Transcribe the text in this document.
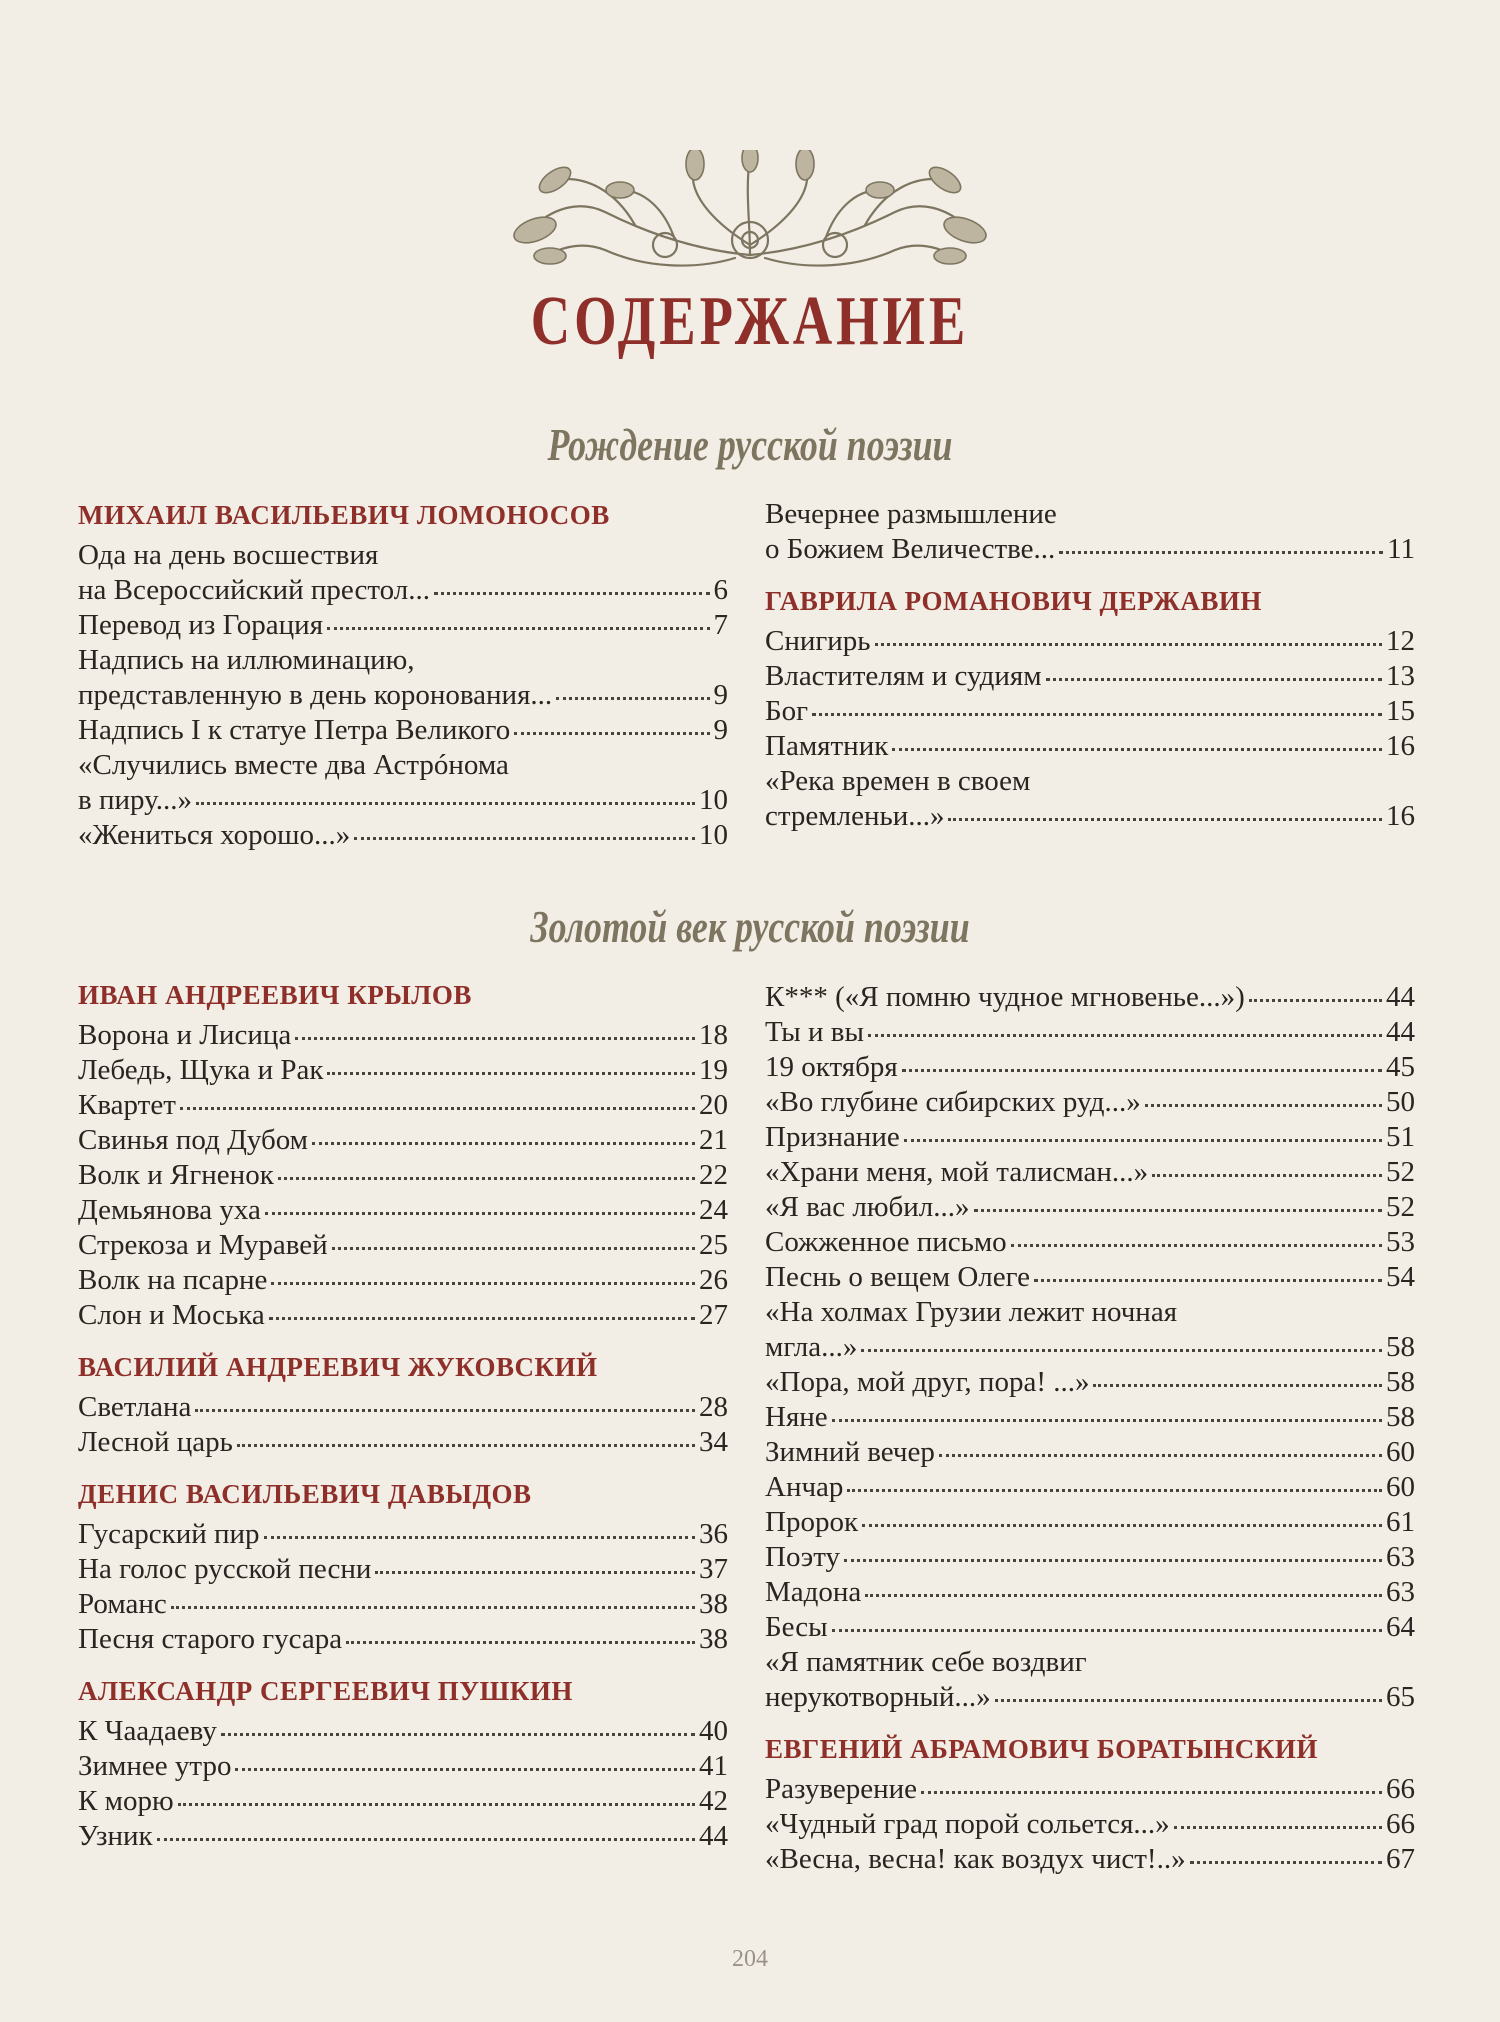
СОДЕРЖАНИЕ
Рождение русской поэзии
МИХАИЛ ВАСИЛЬЕВИЧ ЛОМОНОСОВ
Ода на день восшествия
на Всероссийский престол...	6
Перевод из Горация	7
Надпись на иллюминацию,
представленную в день коронования...	9
Надпись I к статуе Петра Великого	9
«Случились вместе два Астрóнома
в пиру...»	10
«Жениться хорошо...»	10
Вечернее размышление
о Божием Величестве...	11
ГАВРИЛА РОМАНОВИЧ ДЕРЖАВИН
Снигирь	12
Властителям и судиям	13
Бог	15
Памятник	16
«Река времен в своем
стремленьи...»	16
Золотой век русской поэзии
ИВАН АНДРЕЕВИЧ КРЫЛОВ
Ворона и Лисица	18
Лебедь, Щука и Рак	19
Квартет	20
Свинья под Дубом	21
Волк и Ягненок	22
Демьянова уха	24
Стрекоза и Муравей	25
Волк на псарне	26
Слон и Моська	27
ВАСИЛИЙ АНДРЕЕВИЧ ЖУКОВСКИЙ
Светлана	28
Лесной царь	34
ДЕНИС ВАСИЛЬЕВИЧ ДАВЫДОВ
Гусарский пир	36
На голос русской песни	37
Романс	38
Песня старого гусара	38
АЛЕКСАНДР СЕРГЕЕВИЧ ПУШКИН
К Чаадаеву	40
Зимнее утро	41
К морю	42
Узник	44
К*** («Я помню чудное мгновенье...»)	44
Ты и вы	44
19 октября	45
«Во глубине сибирских руд...»	50
Признание	51
«Храни меня, мой талисман...»	52
«Я вас любил...»	52
Сожженное письмо	53
Песнь о вещем Олеге	54
«На холмах Грузии лежит ночная
мгла...»	58
«Пора, мой друг, пора! ...»	58
Няне	58
Зимний вечер	60
Анчар	60
Пророк	61
Поэту	63
Мадона	63
Бесы	64
«Я памятник себе воздвиг
нерукотворный...»	65
ЕВГЕНИЙ АБРАМОВИЧ БОРАТЫНСКИЙ
Разуверение	66
«Чудный град порой сольется...»	66
«Весна, весна! как воздух чист!..»	67
204
